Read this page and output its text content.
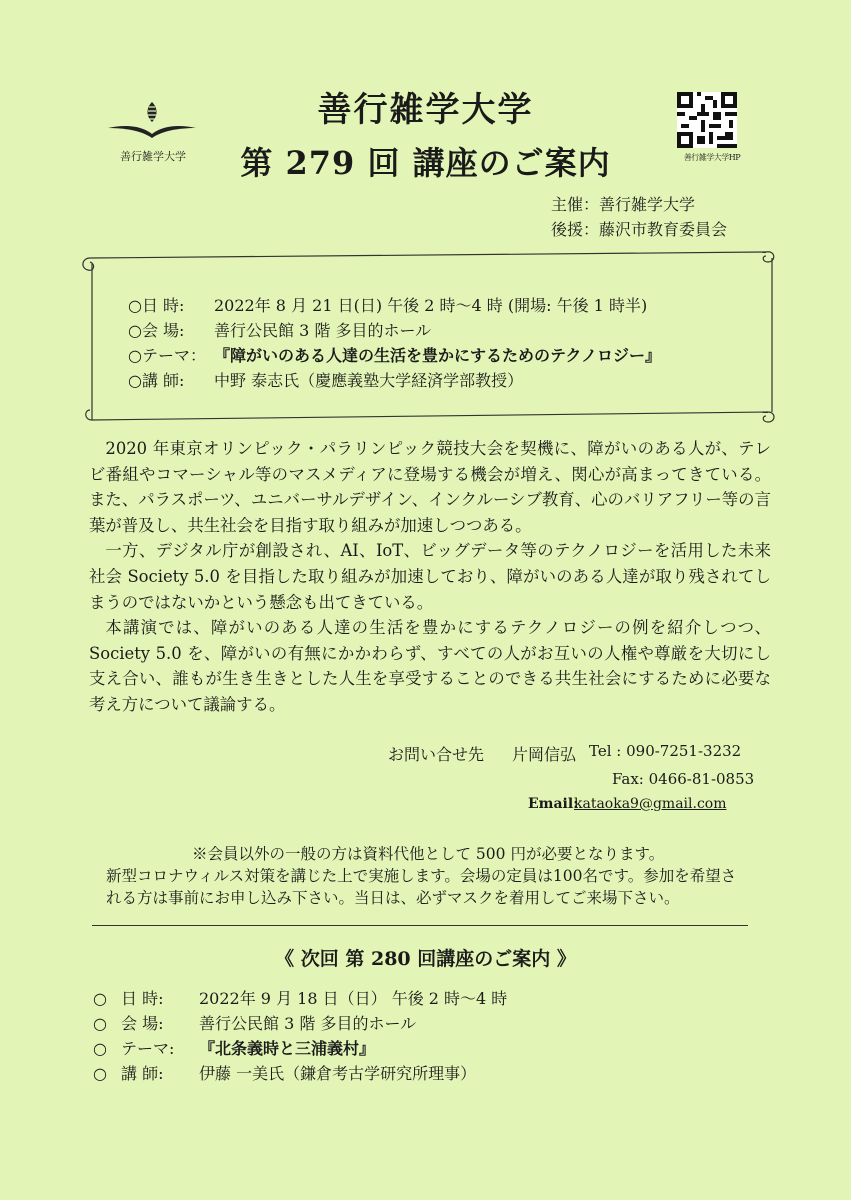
善行雑学大学
善行雑学大学
第 279 回 講座のご案内	善行雑学大学HP
主催：善行雑学大学
後援：藤沢市教育委員会
○日 時: 2022年 8 月 21 日(日) 午後 2 時〜4 時 (開場: 午後 1 時半)
○会 場: 善行公民館 3 階 多目的ホール
○テーマ： 『障がいのある人達の生活を豊かにするためのテクノロジー』
○講 師: 中野 泰志氏（慶應義塾大学経済学部教授）

2020 年東京オリンピック・パラリンピック競技大会を契機に、障がいのある人が、テレビ番組やコマーシャル等のマスメディアに登場する機会が増え、関心が高まってきている。また、パラスポーツ、ユニバーサルデザイン、インクルーシブ教育、心のバリアフリー等の言葉が普及し、共生社会を目指す取り組みが加速しつつある。

一方、デジタル庁が創設され、AI、IoT、ビッグデータ等のテクノロジーを活用した未来社会 Society 5.0 を目指した取り組みが加速しており、障がいのある人達が取り残されてしまうのではないかという懸念も出てきている。

本講演では、障がいのある人達の生活を豊かにするテクノロジーの例を紹介しつつ、Society 5.0 を、障がいの有無にかかわらず、すべての人がお互いの人権や尊厳を大切にし支え合い、誰もが生き生きとした人生を享受することのできる共生社会にするために必要な考え方について議論する。

お問い合せ先 片岡信弘 Tel : 090-7251-3232
Fax: 0466-81-0853
Email:
kataoka9@gmail.com
※会員以外の一般の方は資料代他として 500 円が必要となります。
新型コロナウィルス対策を講じた上で実施します。会場の定員は100名です。参加を希望さ
れる方は事前にお申し込み下さい。当日は、必ずマスクを着用してご来場下さい。
《 次回 第 280 回講座のご案内 》
○ 日 時: 2022年 9 月 18 日（日） 午後 2 時〜4 時
○ 会 場: 善行公民館 3 階 多目的ホール
○ テーマ: 『北条義時と三浦義村』
○ 講 師: 伊藤 一美氏（鎌倉考古学研究所理事）
